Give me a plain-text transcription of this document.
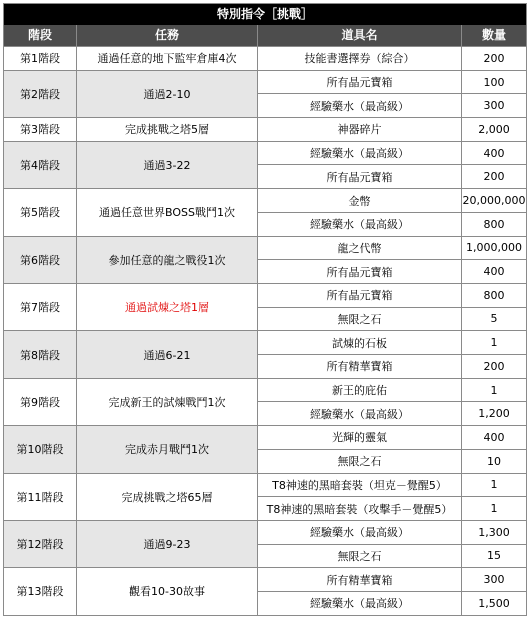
特別指令［挑戰］
階段	任務	道具名	數量
第1階段	通過任意的地下監牢倉庫4次	技能書選擇券（綜合）	200
第2階段	通過2-10
所有晶元寶箱	100
經驗藥水（最高級）	300
第3階段	完成挑戰之塔5層	神器碎片	2,000
第4階段	通過3-22
經驗藥水（最高級）	400
所有晶元寶箱	200
第5階段	通過任意世界BOSS戰鬥1次
金幣	20,000,000
經驗藥水（最高級）	800
第6階段	參加任意的龍之戰役1次
龍之代幣	1,000,000
所有晶元寶箱	400
第7階段	通過試煉之塔1層
所有晶元寶箱	800
無限之石	5
第8階段	通過6-21
試煉的石板	1
所有精華寶箱	200
第9階段	完成新王的試煉戰鬥1次
新王的庇佑	1
經驗藥水（最高級）	1,200
第10階段	完成赤月戰鬥1次
光輝的靈氣	400
無限之石	10
第11階段	完成挑戰之塔65層
T8神速的黑暗套裝（坦克－覺醒5）	1
T8神速的黑暗套裝（攻擊手－覺醒5）	1
第12階段	通過9-23
經驗藥水（最高級）	1,300
無限之石	15
第13階段	觀看10-30故事
所有精華寶箱	300
經驗藥水（最高級）	1,500
